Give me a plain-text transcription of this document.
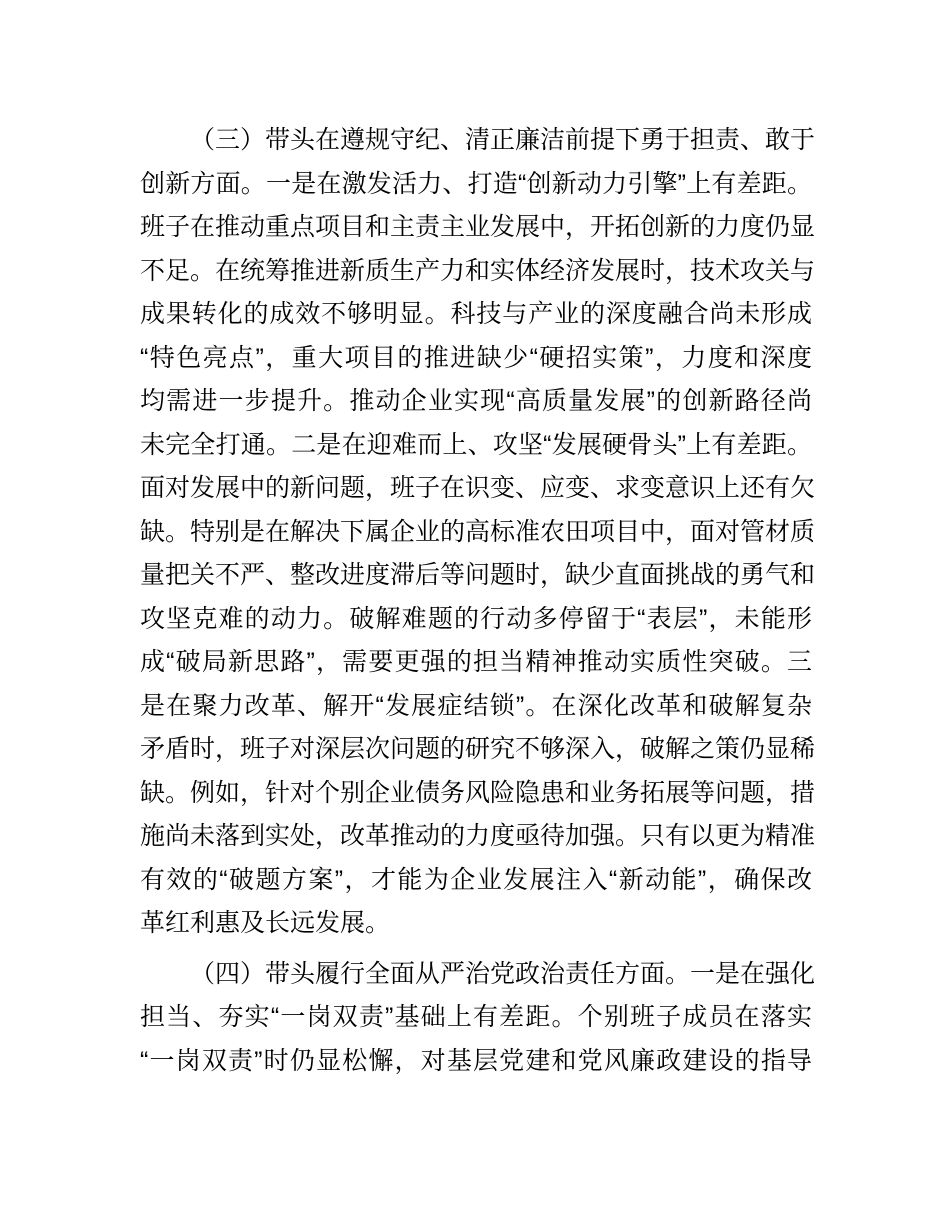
（三）带头在遵规守纪、清正廉洁前提下勇于担责、敢于
创新方面。一是在激发活力、打造“创新动力引擎”上有差距。
班子在推动重点项目和主责主业发展中，开拓创新的力度仍显
不足。在统筹推进新质生产力和实体经济发展时，技术攻关与
成果转化的成效不够明显。科技与产业的深度融合尚未形成
“特色亮点”，重大项目的推进缺少“硬招实策”，力度和深度
均需进一步提升。推动企业实现“高质量发展”的创新路径尚
未完全打通。二是在迎难而上、攻坚“发展硬骨头”上有差距。
面对发展中的新问题，班子在识变、应变、求变意识上还有欠
缺。特别是在解决下属企业的高标准农田项目中，面对管材质
量把关不严、整改进度滞后等问题时，缺少直面挑战的勇气和
攻坚克难的动力。破解难题的行动多停留于“表层”，未能形
成“破局新思路”，需要更强的担当精神推动实质性突破。三
是在聚力改革、解开“发展症结锁”。在深化改革和破解复杂
矛盾时，班子对深层次问题的研究不够深入，破解之策仍显稀
缺。例如，针对个别企业债务风险隐患和业务拓展等问题，措
施尚未落到实处，改革推动的力度亟待加强。只有以更为精准
有效的“破题方案”，才能为企业发展注入“新动能”，确保改
革红利惠及长远发展。
（四）带头履行全面从严治党政治责任方面。一是在强化
担当、夯实“一岗双责”基础上有差距。个别班子成员在落实
“一岗双责”时仍显松懈，对基层党建和党风廉政建设的指导
